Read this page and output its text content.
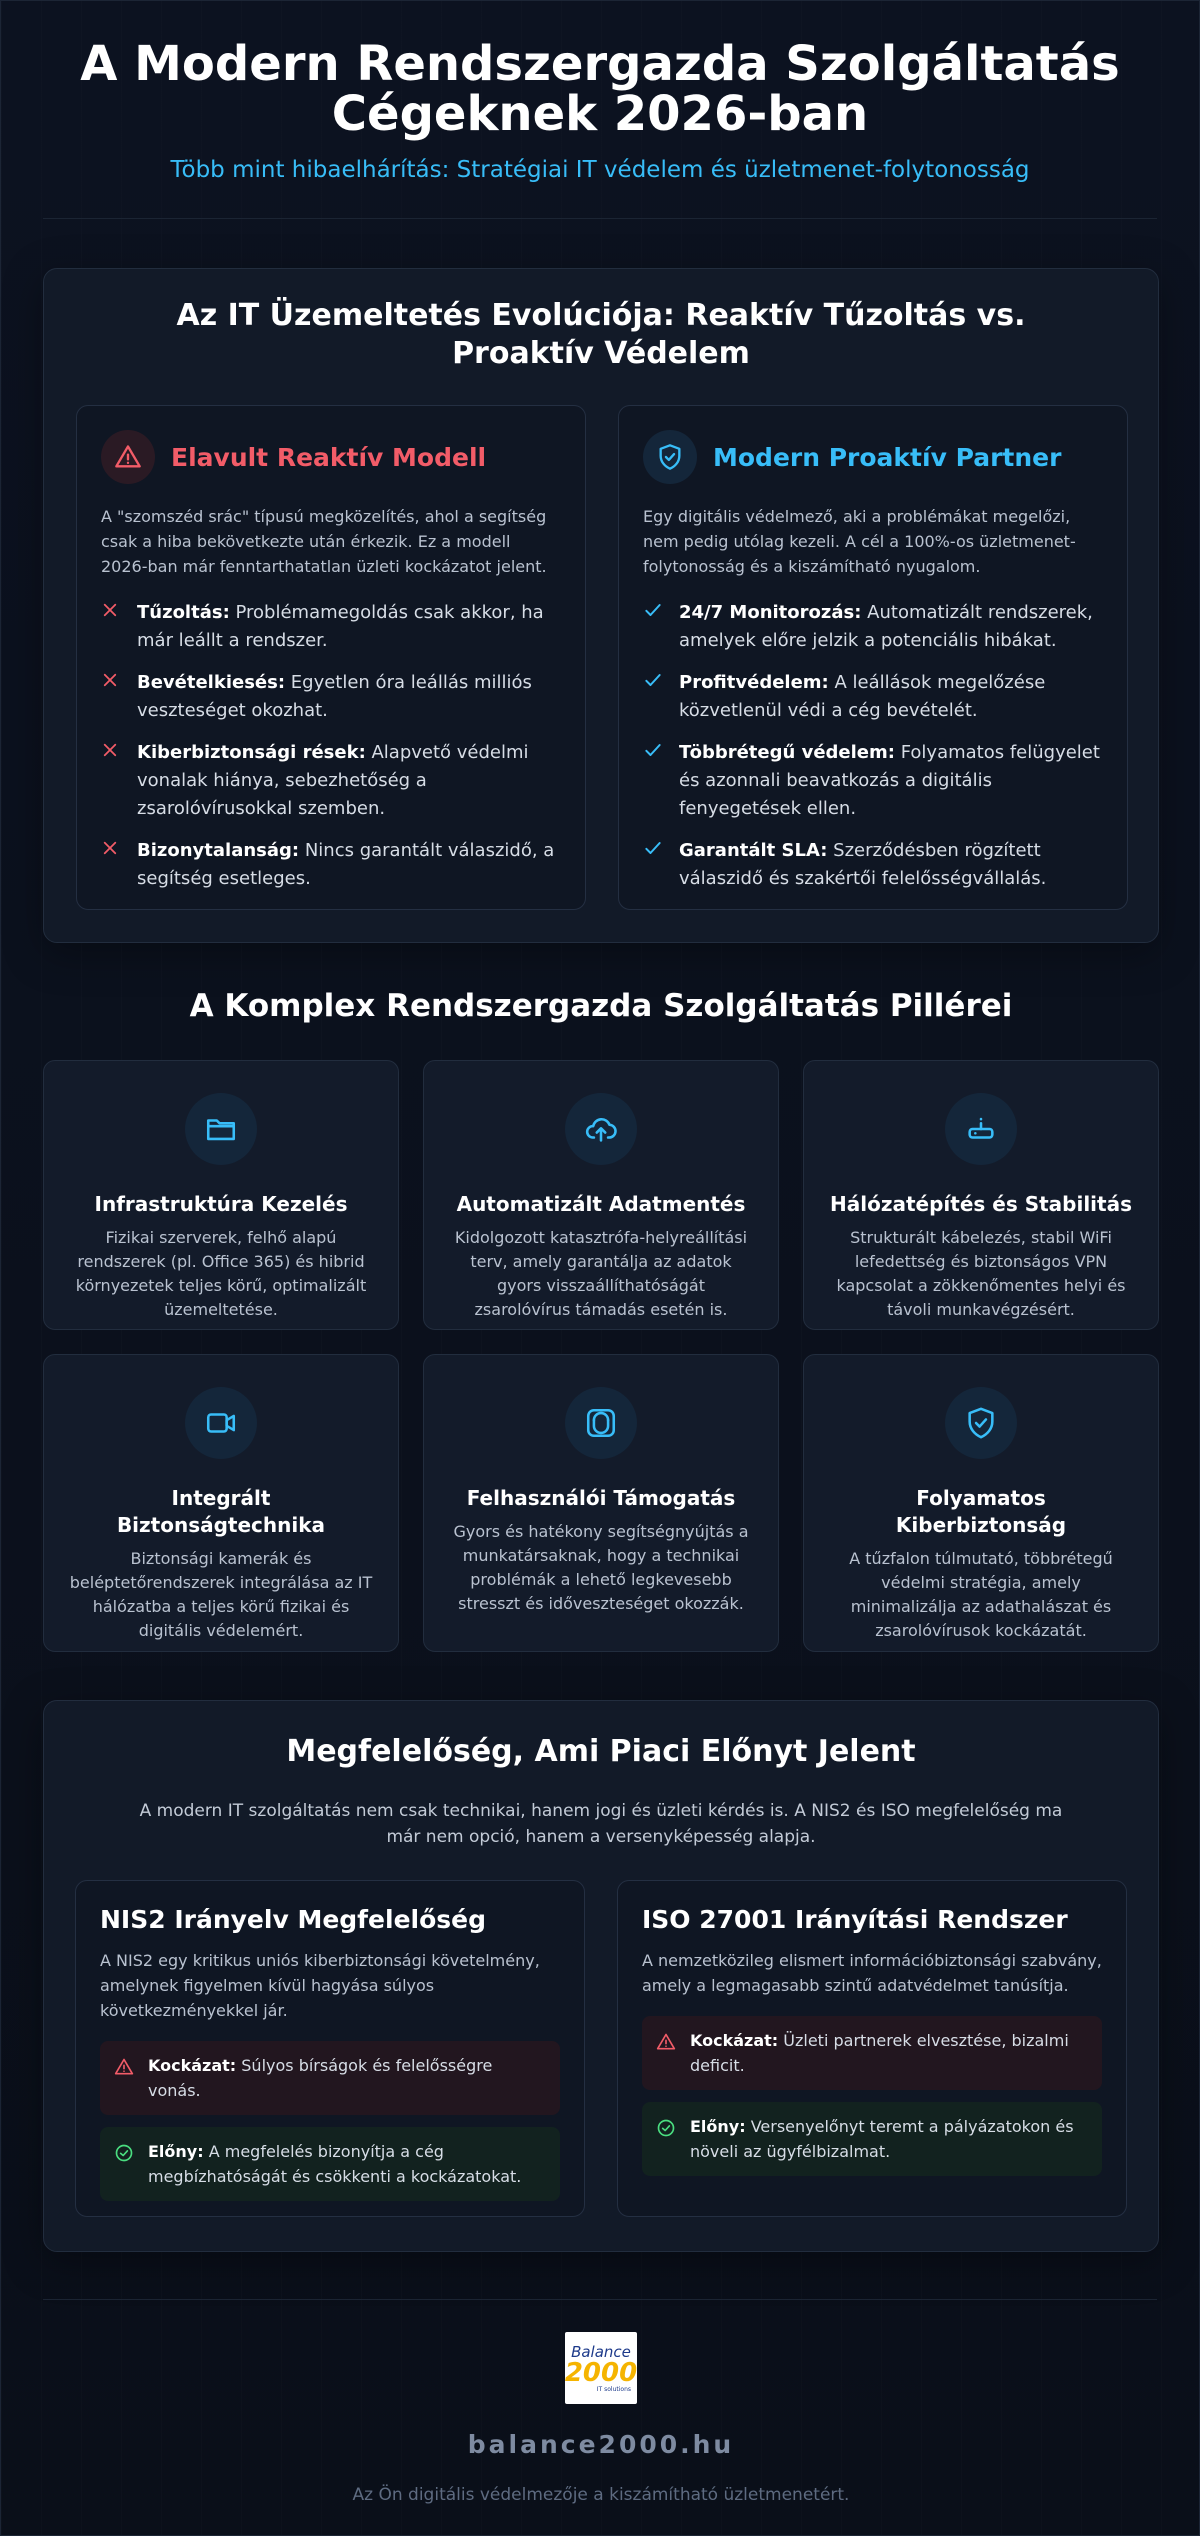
A Modern Rendszergazda Szolgáltatás Cégeknek 2026-ban

Több mint hibaelhárítás: Stratégiai IT védelem és üzletmenet-folytonosság

Az IT Üzemeltetés Evolúciója: Reaktív Tűzoltás vs. Proaktív Védelem
Elavult Reaktív Modell

A "szomszéd srác" típusú megközelítés, ahol a segítség csak a hiba bekövetkezte után érkezik. Ez a modell 2026-ban már fenntarthatatlan üzleti kockázatot jelent.

Tűzoltás: Problémamegoldás csak akkor, ha már leállt a rendszer.
Bevételkiesés: Egyetlen óra leállás milliós veszteséget okozhat.
Kiberbiztonsági rések: Alapvető védelmi vonalak hiánya, sebezhetőség a zsarolóvírusokkal szemben.
Bizonytalanság: Nincs garantált válaszidő, a segítség esetleges.
Modern Proaktív Partner

Egy digitális védelmező, aki a problémákat megelőzi, nem pedig utólag kezeli. A cél a 100%-os üzletmenet-folytonosság és a kiszámítható nyugalom.

24/7 Monitorozás: Automatizált rendszerek, amelyek előre jelzik a potenciális hibákat.
Profitvédelem: A leállások megelőzése közvetlenül védi a cég bevételét.
Többrétegű védelem: Folyamatos felügyelet és azonnali beavatkozás a digitális fenyegetések ellen.
Garantált SLA: Szerződésben rögzített válaszidő és szakértői felelősségvállalás.
A Komplex Rendszergazda Szolgáltatás Pillérei
Infrastruktúra Kezelés
Fizikai szerverek, felhő alapú rendszerek (pl. Office 365) és hibrid környezetek teljes körű, optimalizált üzemeltetése.
Automatizált Adatmentés
Kidolgozott katasztrófa-helyreállítási terv, amely garantálja az adatok gyors visszaállíthatóságát zsarolóvírus támadás esetén is.
Hálózatépítés és Stabilitás
Strukturált kábelezés, stabil WiFi lefedettség és biztonságos VPN kapcsolat a zökkenőmentes helyi és távoli munkavégzésért.
Integrált Biztonságtechnika
Biztonsági kamerák és beléptetőrendszerek integrálása az IT hálózatba a teljes körű fizikai és digitális védelemért.
Felhasználói Támogatás
Gyors és hatékony segítségnyújtás a munkatársaknak, hogy a technikai problémák a lehető legkevesebb stresszt és időveszteséget okozzák.
Folyamatos Kiberbiztonság
A tűzfalon túlmutató, többrétegű védelmi stratégia, amely minimalizálja az adathalászat és zsarolóvírusok kockázatát.
Megfelelőség, Ami Piaci Előnyt Jelent

A modern IT szolgáltatás nem csak technikai, hanem jogi és üzleti kérdés is. A NIS2 és ISO megfelelőség ma már nem opció, hanem a versenyképesség alapja.

NIS2 Irányelv Megfelelőség

A NIS2 egy kritikus uniós kiberbiztonsági követelmény, amelynek figyelmen kívül hagyása súlyos következményekkel jár.

Kockázat: Súlyos bírságok és felelősségre vonás.
Előny: A megfelelés bizonyítja a cég megbízhatóságát és csökkenti a kockázatokat.
ISO 27001 Irányítási Rendszer

A nemzetközileg elismert információbiztonsági szabvány, amely a legmagasabb szintű adatvédelmet tanúsítja.

Kockázat: Üzleti partnerek elvesztése, bizalmi deficit.
Előny: Versenyelőnyt teremt a pályázatokon és növeli az ügyfélbizalmat.
Balance
2000
IT solutions
balance2000.hu
Az Ön digitális védelmezője a kiszámítható üzletmenetért.
